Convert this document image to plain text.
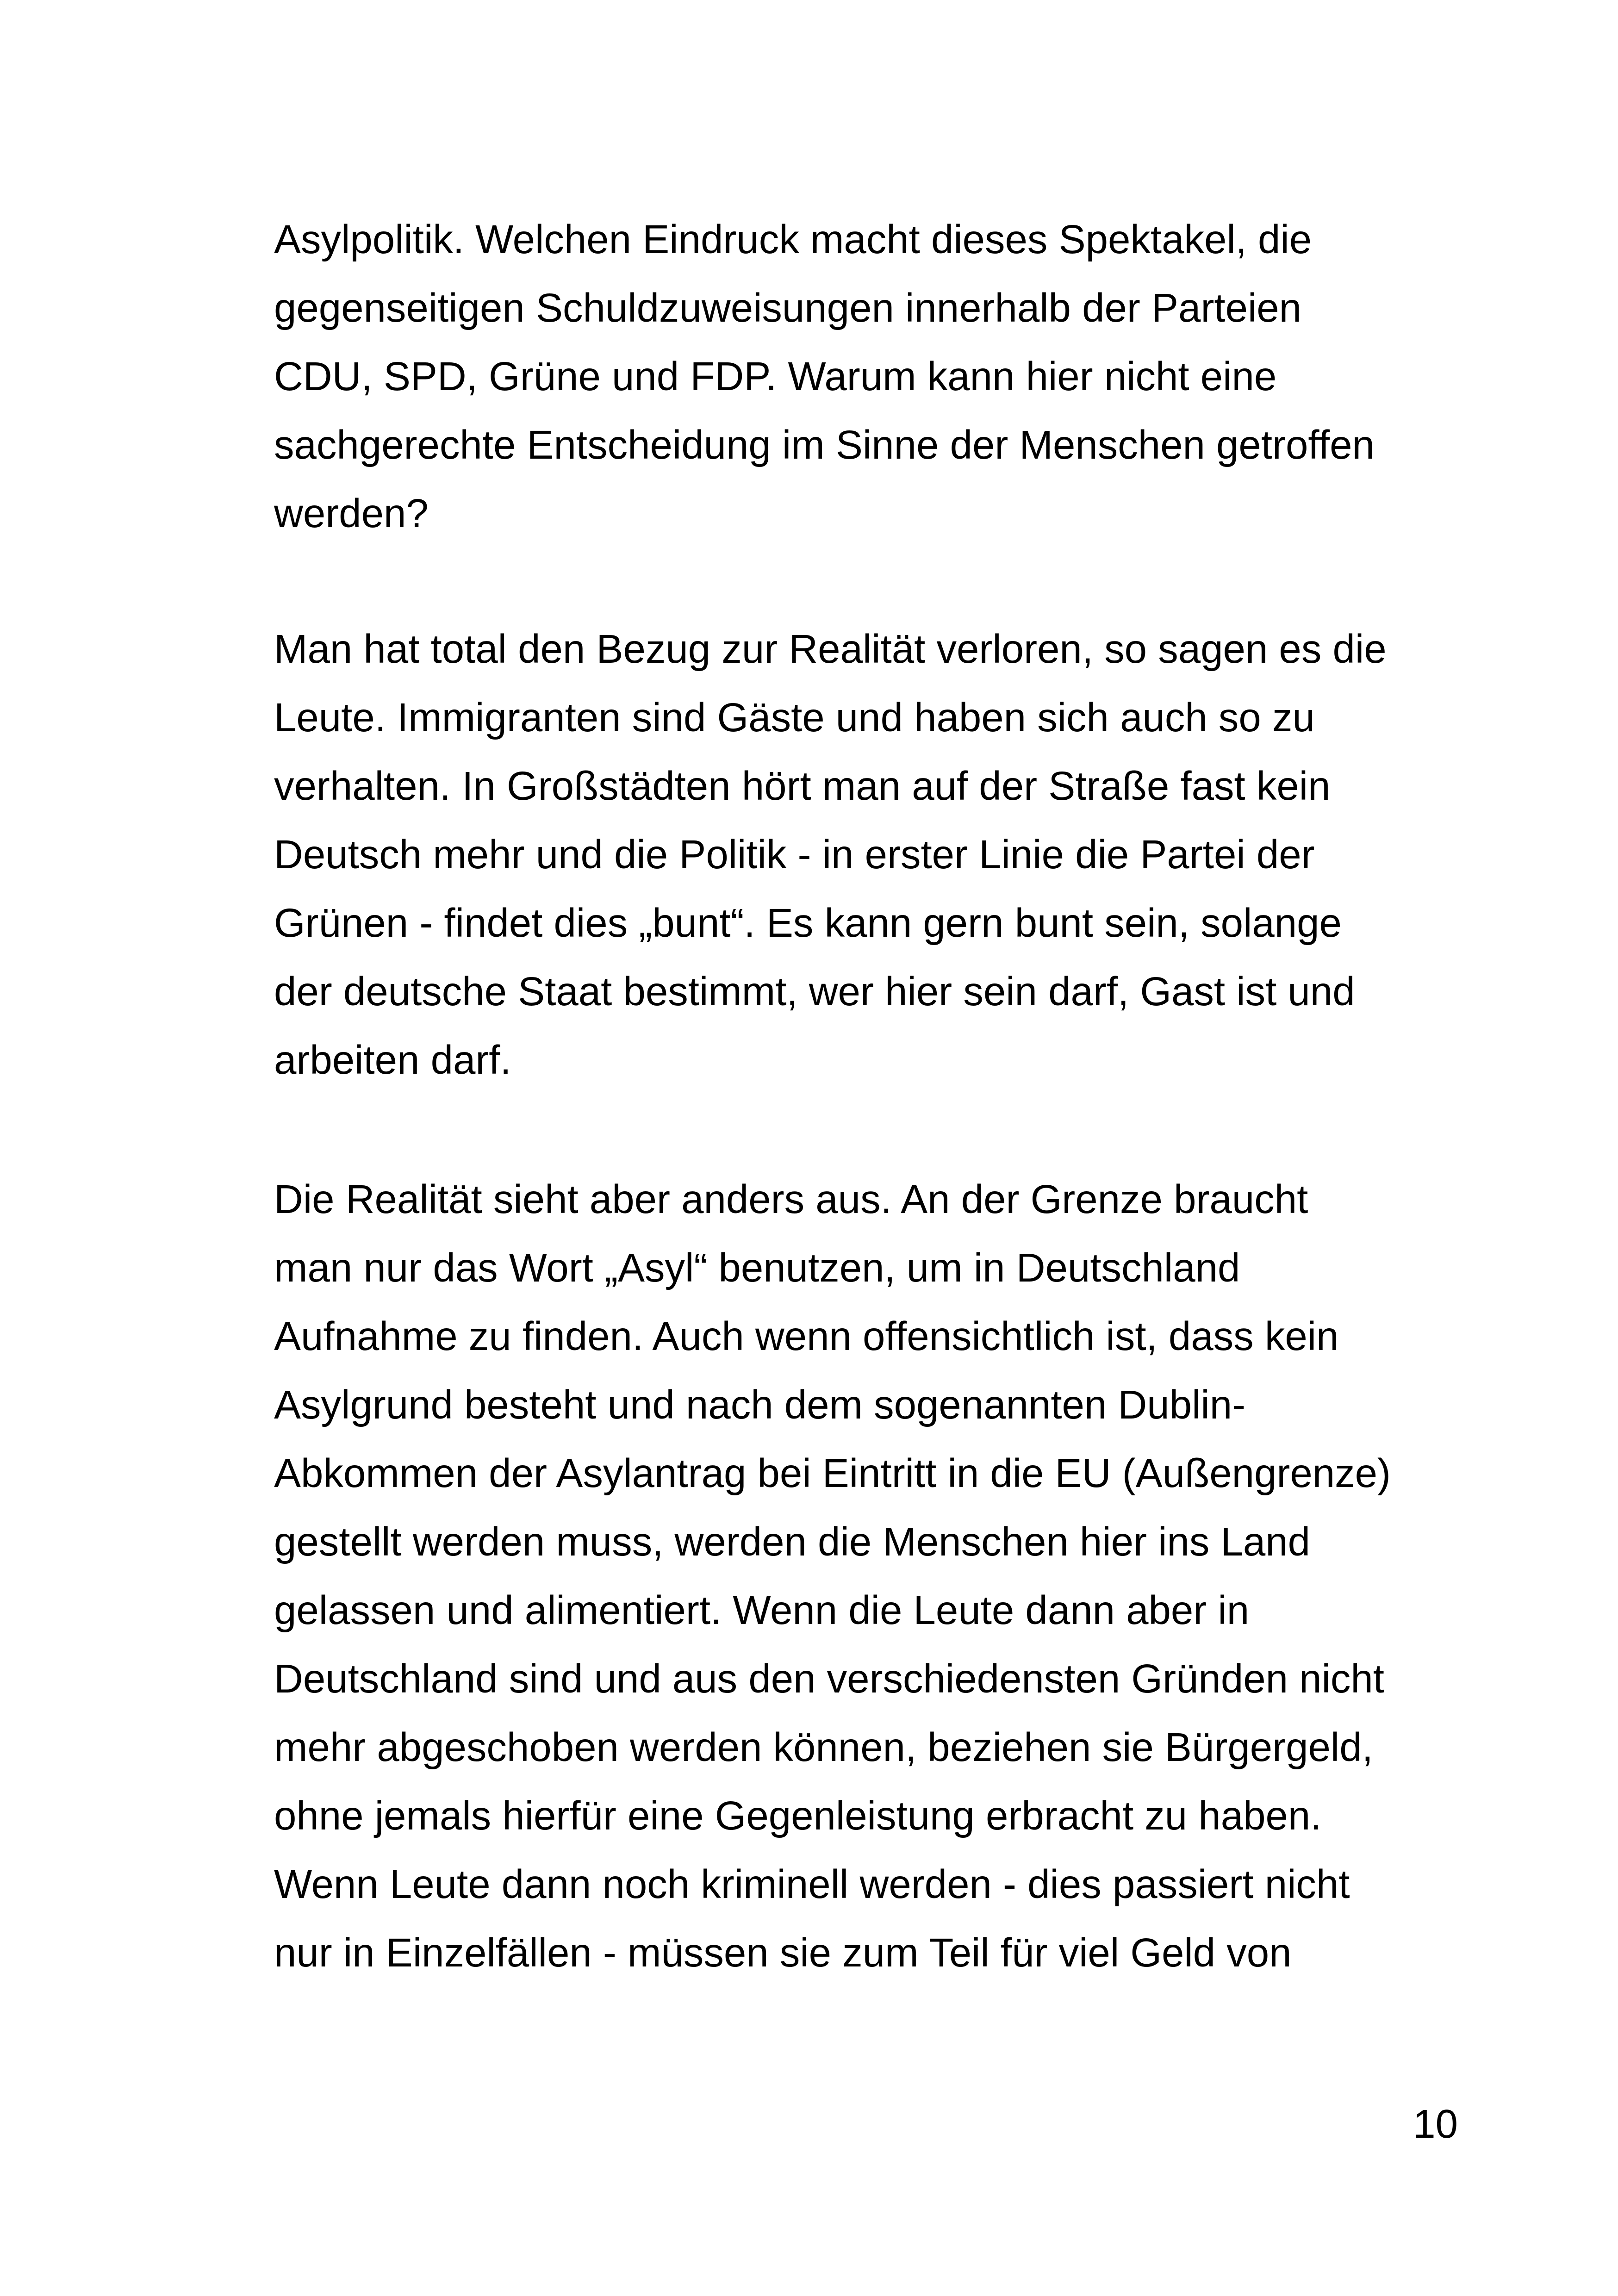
Asylpolitik. Welchen Eindruck macht dieses Spektakel, die
gegenseitigen Schuldzuweisungen innerhalb der Parteien
CDU, SPD, Grüne und FDP. Warum kann hier nicht eine
sachgerechte Entscheidung im Sinne der Menschen getroffen
werden?
Man hat total den Bezug zur Realität verloren, so sagen es die
Leute. Immigranten sind Gäste und haben sich auch so zu
verhalten. In Großstädten hört man auf der Straße fast kein
Deutsch mehr und die Politik - in erster Linie die Partei der
Grünen - findet dies „bunt“. Es kann gern bunt sein, solange
der deutsche Staat bestimmt, wer hier sein darf, Gast ist und
arbeiten darf.
Die Realität sieht aber anders aus. An der Grenze braucht
man nur das Wort „Asyl“ benutzen, um in Deutschland
Aufnahme zu finden. Auch wenn offensichtlich ist, dass kein
Asylgrund besteht und nach dem sogenannten Dublin-
Abkommen der Asylantrag bei Eintritt in die EU (Außengrenze)
gestellt werden muss, werden die Menschen hier ins Land
gelassen und alimentiert. Wenn die Leute dann aber in
Deutschland sind und aus den verschiedensten Gründen nicht
mehr abgeschoben werden können, beziehen sie Bürgergeld,
ohne jemals hierfür eine Gegenleistung erbracht zu haben.
Wenn Leute dann noch kriminell werden - dies passiert nicht
nur in Einzelfällen - müssen sie zum Teil für viel Geld von
10
